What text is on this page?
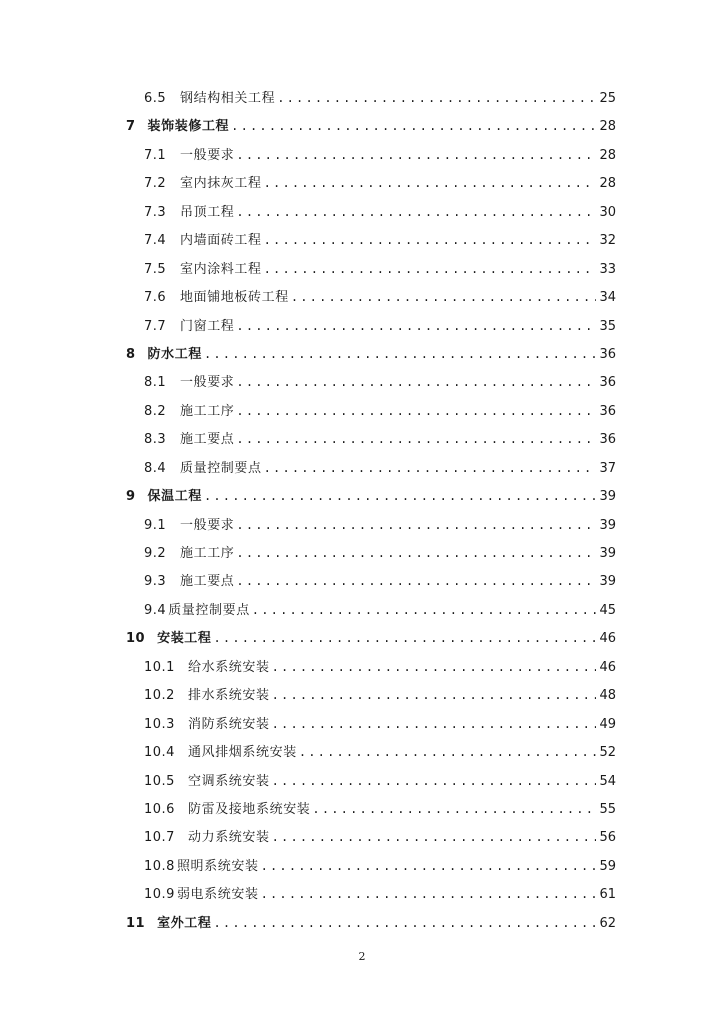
6.5	钢结构相关工程 .....	25
7 装饰装修工程 .....	28
7.1	一般要求 .....	28
7.2	室内抹灰工程 .....	28
7.3	吊顶工程 .....	30
7.4	内墙面砖工程 .....	32
7.5	室内涂料工程 .....	33
7.6	地面铺地板砖工程 .....	34
7.7	门窗工程 .....	35
8 防水工程 .....	36
8.1	一般要求 .....	36
8.2	施工工序 .....	36
8.3	施工要点 .....	36
8.4	质量控制要点 .....	37
9 保温工程 .....	39
9.1	一般要求 .....	39
9.2	施工工序 .....	39
9.3	施工要点 .....	39
9.4 质量控制要点 .....	45
10 安装工程 .....	46
10.1	给水系统安装 .....	46
10.2	排水系统安装 .....	48
10.3	消防系统安装 .....	49
10.4	通风排烟系统安装 .....	52
10.5	空调系统安装 .....	54
10.6	防雷及接地系统安装 .....	55
10.7	动力系统安装 .....	56
10.8 照明系统安装 .....	59
10.9 弱电系统安装 .....	61
11 室外工程 .....	62
2
